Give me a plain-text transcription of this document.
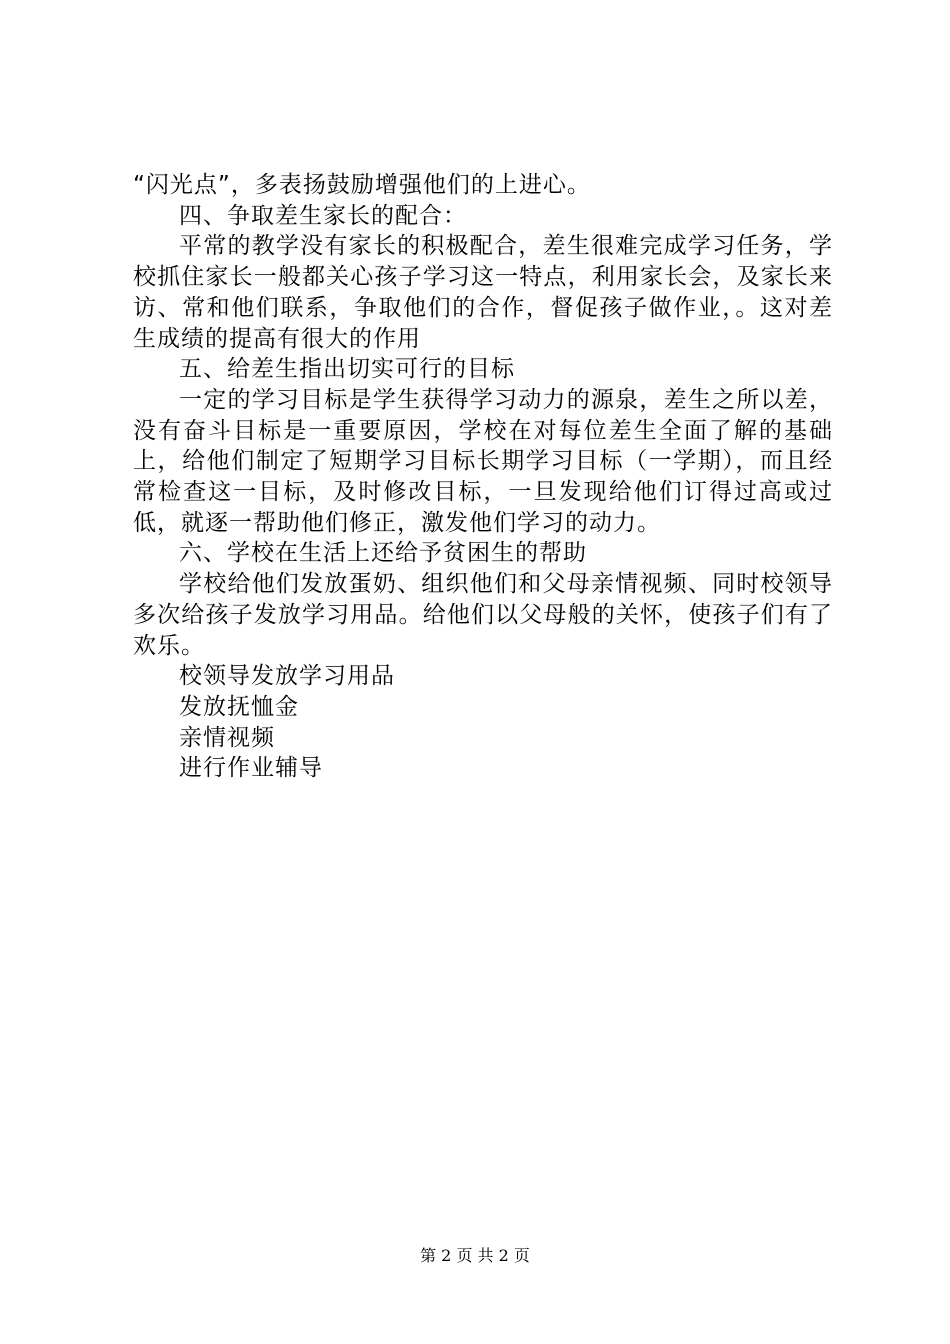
“闪光点”，多表扬鼓励增强他们的上进心。

四、争取差生家长的配合：

平常的教学没有家长的积极配合，差生很难完成学习任务，学校抓住家长一般都关心孩子学习这一特点，利用家长会，及家长来访、常和他们联系，争取他们的合作，督促孩子做作业，。这对差生成绩的提高有很大的作用

五、给差生指出切实可行的目标

一定的学习目标是学生获得学习动力的源泉，差生之所以差，没有奋斗目标是一重要原因，学校在对每位差生全面了解的基础上，给他们制定了短期学习目标长期学习目标（一学期），而且经常检查这一目标，及时修改目标，一旦发现给他们订得过高或过低，就逐一帮助他们修正，激发他们学习的动力。

六、学校在生活上还给予贫困生的帮助

学校给他们发放蛋奶、组织他们和父母亲情视频、同时校领导多次给孩子发放学习用品。给他们以父母般的关怀，使孩子们有了欢乐。

校领导发放学习用品

发放抚恤金

亲情视频

进行作业辅导

第 2 页 共 2 页
